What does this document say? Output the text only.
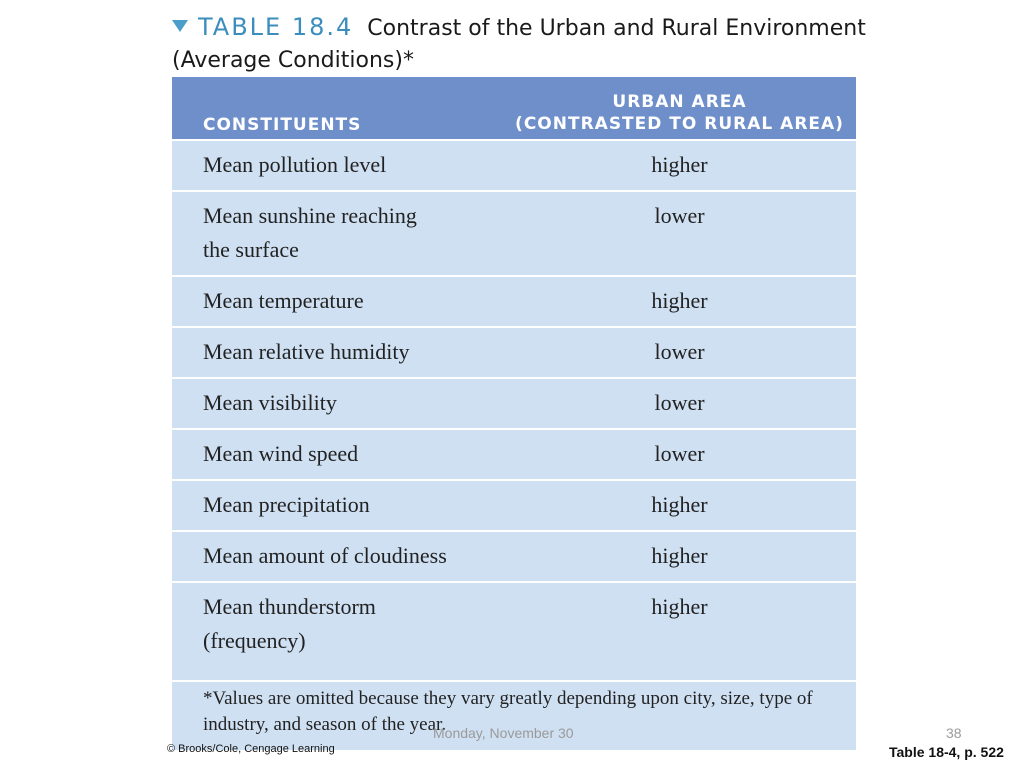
TABLE 18.4 Contrast of the Urban and Rural Environment
(Average Conditions)*
CONSTITUENTS	URBAN AREA
(CONTRASTED TO RURAL AREA)

Mean pollution level	higher
Mean sunshine reaching the surface	lower
Mean temperature	higher
Mean relative humidity	lower
Mean visibility	lower
Mean wind speed	lower
Mean precipitation	higher
Mean amount of cloudiness	higher
Mean thunderstorm (frequency)	higher
*Values are omitted because they vary greatly depending upon city, size, type of industry, and season of the year.	
© Brooks/Cole, Cengage Learning
Monday, November 30	38
Table 18-4, p. 522
